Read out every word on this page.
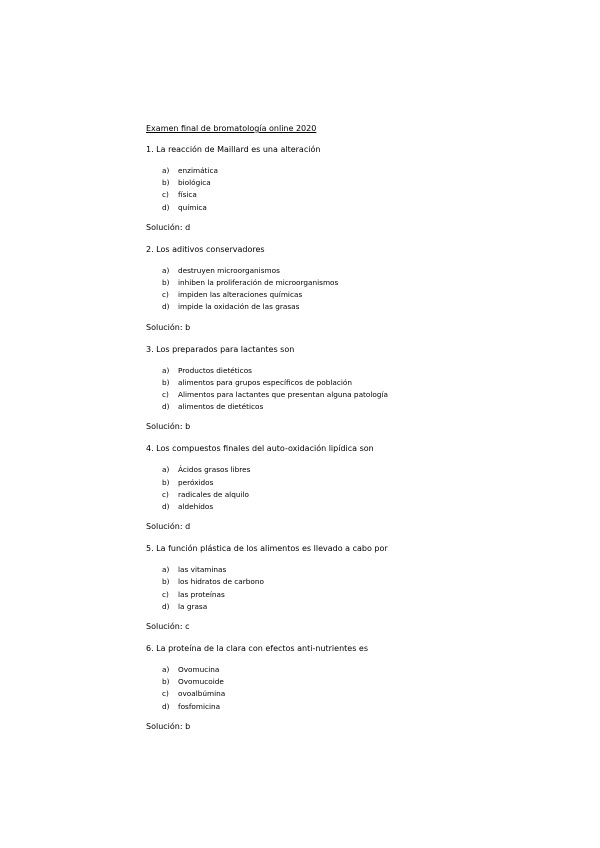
Examen final de bromatología online 2020
1. La reacción de Maillard es una alteración
a)	enzimática
b)	biológica
c)	física
d)	química
Solución: d
2. Los aditivos conservadores
a)	destruyen microorganismos
b)	inhiben la proliferación de microorganismos
c)	impiden las alteraciones químicas
d)	impide la oxidación de las grasas
Solución: b
3. Los preparados para lactantes son
a)	Productos dietéticos
b)	alimentos para grupos específicos de población
c)	Alimentos para lactantes que presentan alguna patología
d)	alimentos de dietéticos
Solución: b
4. Los compuestos finales del auto-oxidación lipídica son
a)	Ácidos grasos libres
b)	peróxidos
c)	radicales de alquilo
d)	aldehídos
Solución: d
5. La función plástica de los alimentos es llevado a cabo por
a)	las vitaminas
b)	los hidratos de carbono
c)	las proteínas
d)	la grasa
Solución: c
6. La proteína de la clara con efectos anti-nutrientes es
a)	Ovomucina
b)	Ovomucoide
c)	ovoalbúmina
d)	fosfomicina
Solución: b
